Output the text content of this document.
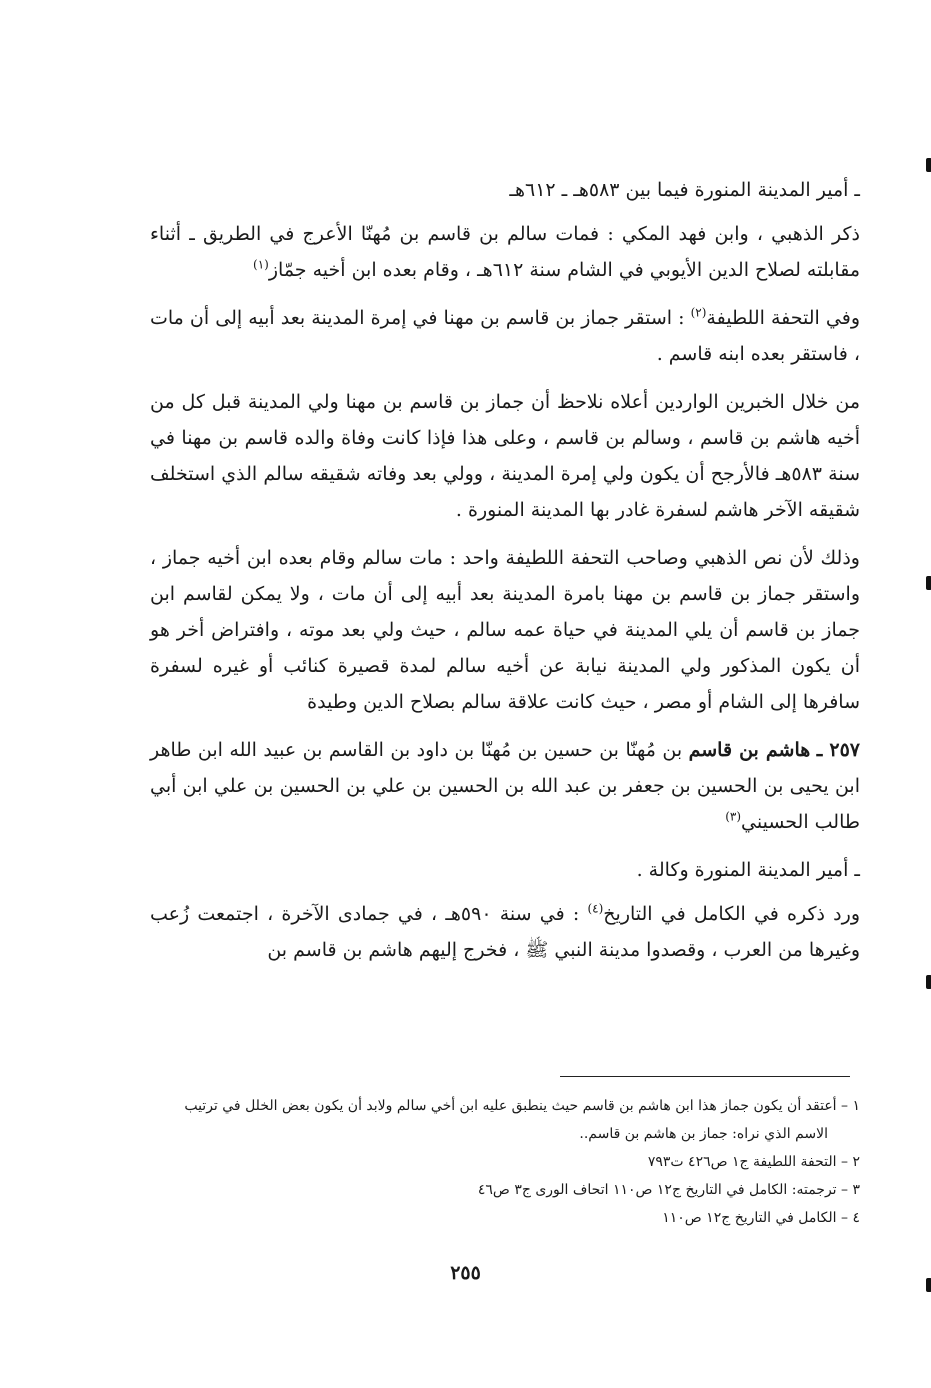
ـ أمير المدينة المنورة فيما بين ٥٨٣هـ ـ ٦١٢هـ

ذكر الذهبي ، وابن فهد المكي : فمات سالم بن قاسم بن مُهنّا الأعرج في الطريق ـ أثناء مقابلته لصلاح الدين الأيوبي في الشام سنة ٦١٢هـ ، وقام بعده ابن أخيه جمّاز$^{(١)}$

وفي التحفة اللطيفة$^{(٢)}$ : استقر جماز بن قاسم بن مهنا في إمرة المدينة بعد أبيه إلى أن مات ، فاستقر بعده ابنه قاسم .

من خلال الخبرين الواردين أعلاه نلاحظ أن جماز بن قاسم بن مهنا ولي المدينة قبل كل من أخيه هاشم بن قاسم ، وسالم بن قاسم ، وعلى هذا فإذا كانت وفاة والده قاسم بن مهنا في سنة ٥٨٣هـ فالأرجح أن يكون ولي إمرة المدينة ، وولي بعد وفاته شقيقه سالم الذي استخلف شقيقه الآخر هاشم لسفرة غادر بها المدينة المنورة .

وذلك لأن نص الذهبي وصاحب التحفة اللطيفة واحد : مات سالم وقام بعده ابن أخيه جماز ، واستقر جماز بن قاسم بن مهنا بامرة المدينة بعد أبيه إلى أن مات ، ولا يمكن لقاسم ابن جماز بن قاسم أن يلي المدينة في حياة عمه سالم ، حيث ولي بعد موته ، وافتراض أخر هو أن يكون المذكور ولي المدينة نيابة عن أخيه سالم لمدة قصيرة كنائب أو غيره لسفرة سافرها إلى الشام أو مصر ، حيث كانت علاقة سالم بصلاح الدين وطيدة

٢٥٧ ـ هاشم بن قاسم بن مُهنّا بن حسين بن مُهنّا بن داود بن القاسم بن عبيد الله ابن طاهر ابن يحيى بن الحسين بن جعفر بن عبد الله بن الحسين بن علي بن الحسين بن علي ابن أبي طالب الحسيني$^{(٣)}$

ـ أمير المدينة المنورة وكالة .

ورد ذكره في الكامل في التاريخ$^{(٤)}$ : في سنة ٥٩٠هـ ، في جمادى الآخرة ، اجتمعت زُعب وغيرها من العرب ، وقصدوا مدينة النبي ﷺ ، فخرج إليهم هاشم بن قاسم بن

١ – أعتقد أن يكون جماز هذا ابن هاشم بن قاسم حيث ينطبق عليه ابن أخي سالم ولابد أن يكون بعض الخلل في ترتيب

الاسم الذي نراه: جماز بن هاشم بن قاسم..

٢ – التحفة اللطيفة ج١ ص٤٢٦ ت٧٩٣

٣ – ترجمته: الكامل في التاريخ ج١٢ ص١١٠ اتحاف الورى ج٣ ص٤٦

٤ – الكامل في التاريخ ج١٢ ص١١٠

٢٥٥
